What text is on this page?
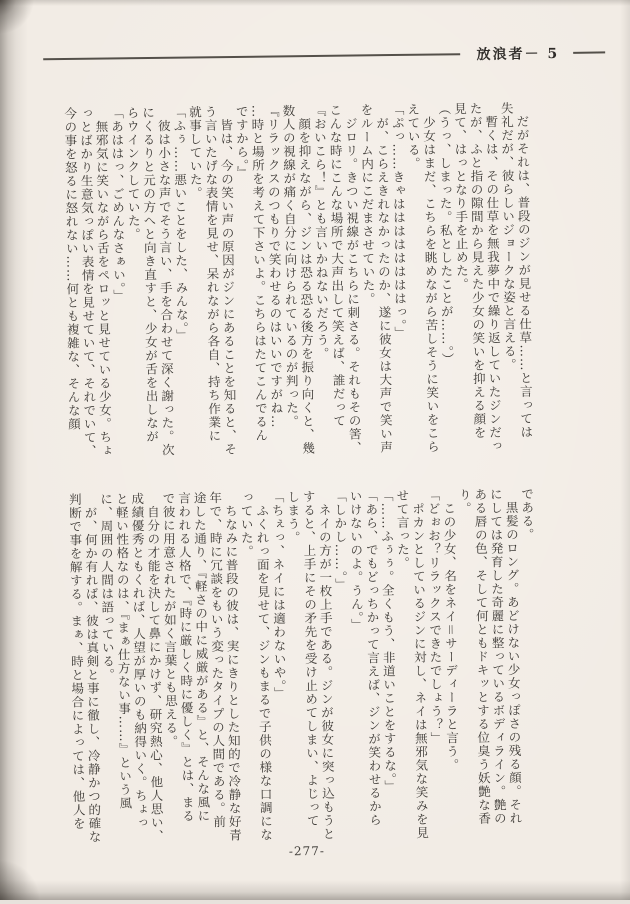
放浪者－ 5
　だがそれは、普段のジンが見せる仕草……と言っては
失礼だが、彼らしいジョークな姿と言える。
　暫くは、その仕草を無我夢中で繰り返していたジンだっ
たが、ふと指の隙間から見えた少女の笑いを抑える顔を
見て、はっとなり手を止めた。
（うっ、しまった。私としたことが……。）
　少女はまだ、こちらを眺めながら苦しそうに笑いをこら
えている。
「ぷっ……きゃははははははははっ。」
　が、こらえきれなかったのか、遂に彼女は大声で笑い声
をルーム内にこだまさせていた。
　ジロリ。きつい視線がこちらに刺さる。それもその筈、
こんな時にこんな場所で大声出して笑えば、誰だって
『おいこら！』とも言いかねないだろう。
　顔を抑えながら、ジンは恐る恐る後方を振り向くと、幾
数人の視線が痛く自分に向けられているのが判った。
『リラックスのつもりで笑わせるのはいいですがね…
…時と場所を考えて下さいよ。こちらはたてこんでるん
ですから。』
　皆は、今の笑い声の原因がジンにあることを知ると、そ
う言いたげな表情を見せ、呆れながら各自、持ち作業に
就事していた。
「ふぅ……悪いことをした、みんな。」
　彼は小さな声でそう言い、手を合わせて深く謝った。次
にくるりと元の方へと向き直すと、少女が舌を出しなが
らウインクしていた。
「あははっ、ごめんなさぁい。」
　無邪気に笑いながら舌をペロッと見せている少女。ちょ
っとばかり生意気っぽい表情を見せていて、それでいて、
今の事を怒るに怒れない……何とも複雑な、そんな顔
である。
　黒髪のロング。あどけない少女っぽさの残る顔。それ
にしては発育した奇麗に整っているボディライン。艶の
ある唇の色、そして何ともドキッとする位臭う妖艶な香
り。
　この少女、名をネイ＝サーディーラと言う。
「どぉお？リラックスできたでしょう？」
　ポカンとしているジンに対し、ネイは無邪気な笑みを見
せて言った。
「……ふぅぅ。全くもう、非道いことをするな。」
「あら、でもどっちかって言えば、ジンが笑わせるから
いけないのよ。うん。」
「しかし……。」
　ネイの方が一枚上手である。ジンが彼女に突っ込もうと
すると、上手にその矛先を受け止めてしまい、よじって
しまう。
「ちぇっ、ネイには適わないや。」
　ふくれっ面を見せて、ジンもまるで子供の様な口調にな
っていた。
　ちなみに普段の彼は、実にきりとした知的で冷静な好青
年で、時に冗談をもいう変ったタイプの人間である。前
途した通り、『軽さの中に威厳がある』と、そんな風に
言われる人格で、『時に厳しく時に優しく』とは、まる
で彼に用意されたが如く言葉とも思える。
　自分の才能を決して鼻にかけず、研究熱心、他人思い、
成績優秀ともくれば、人望が厚いのも納得いく。ちょっ
と軽い性格なのは、『まぁ仕方ない事……』という風
に、周囲の人間は語っている。
　が、何か有れば、彼は真剣と事に徹し、冷静かつ的確な
判断で事を解する。まぁ、時と場合によっては、他人を
-277-
